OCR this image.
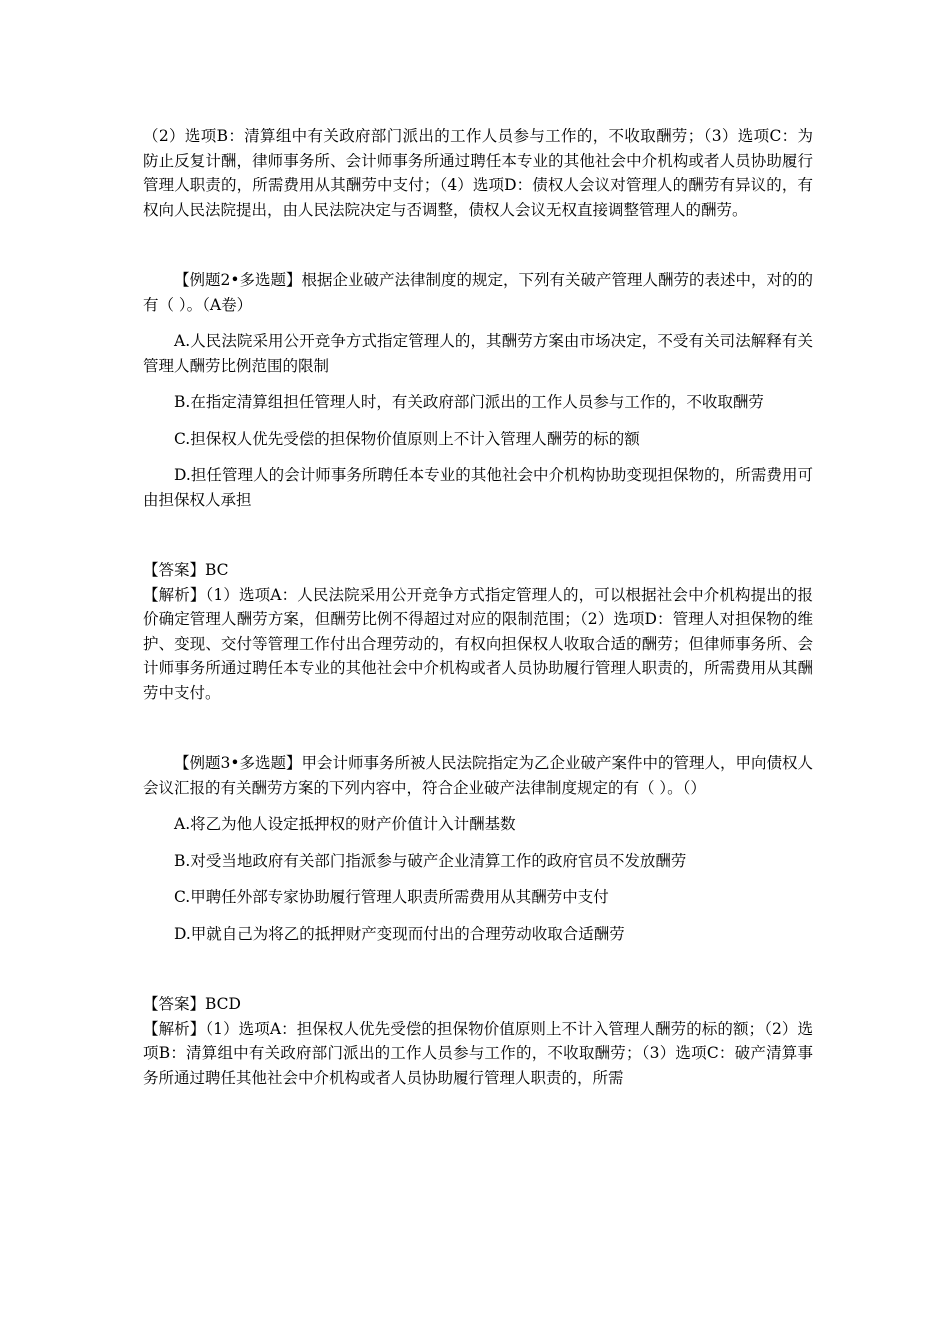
（2）选项B：清算组中有关政府部门派出的工作人员参与工作的，不收取酬劳；（3）选项C：为防止反复计酬，律师事务所、会计师事务所通过聘任本专业的其他社会中介机构或者人员协助履行管理人职责的，所需费用从其酬劳中支付；（4）选项D：债权人会议对管理人的酬劳有异议的，有权向人民法院提出，由人民法院决定与否调整，债权人会议无权直接调整管理人的酬劳。

【例题2•多选题】根据企业破产法律制度的规定，下列有关破产管理人酬劳的表述中，对的的有（ ）。（A卷）

A.人民法院采用公开竞争方式指定管理人的，其酬劳方案由市场决定，不受有关司法解释有关管理人酬劳比例范围的限制

B.在指定清算组担任管理人时，有关政府部门派出的工作人员参与工作的，不收取酬劳

C.担保权人优先受偿的担保物价值原则上不计入管理人酬劳的标的额

D.担任管理人的会计师事务所聘任本专业的其他社会中介机构协助变现担保物的，所需费用可由担保权人承担

【答案】BC

【解析】（1）选项A：人民法院采用公开竞争方式指定管理人的，可以根据社会中介机构提出的报价确定管理人酬劳方案，但酬劳比例不得超过对应的限制范围；（2）选项D：管理人对担保物的维护、变现、交付等管理工作付出合理劳动的，有权向担保权人收取合适的酬劳；但律师事务所、会计师事务所通过聘任本专业的其他社会中介机构或者人员协助履行管理人职责的，所需费用从其酬劳中支付。

【例题3•多选题】甲会计师事务所被人民法院指定为乙企业破产案件中的管理人，甲向债权人会议汇报的有关酬劳方案的下列内容中，符合企业破产法律制度规定的有（ ）。（）

A.将乙为他人设定抵押权的财产价值计入计酬基数

B.对受当地政府有关部门指派参与破产企业清算工作的政府官员不发放酬劳

C.甲聘任外部专家协助履行管理人职责所需费用从其酬劳中支付

D.甲就自己为将乙的抵押财产变现而付出的合理劳动收取合适酬劳

【答案】BCD

【解析】（1）选项A：担保权人优先受偿的担保物价值原则上不计入管理人酬劳的标的额；（2）选项B：清算组中有关政府部门派出的工作人员参与工作的，不收取酬劳；（3）选项C：破产清算事务所通过聘任其他社会中介机构或者人员协助履行管理人职责的，所需
